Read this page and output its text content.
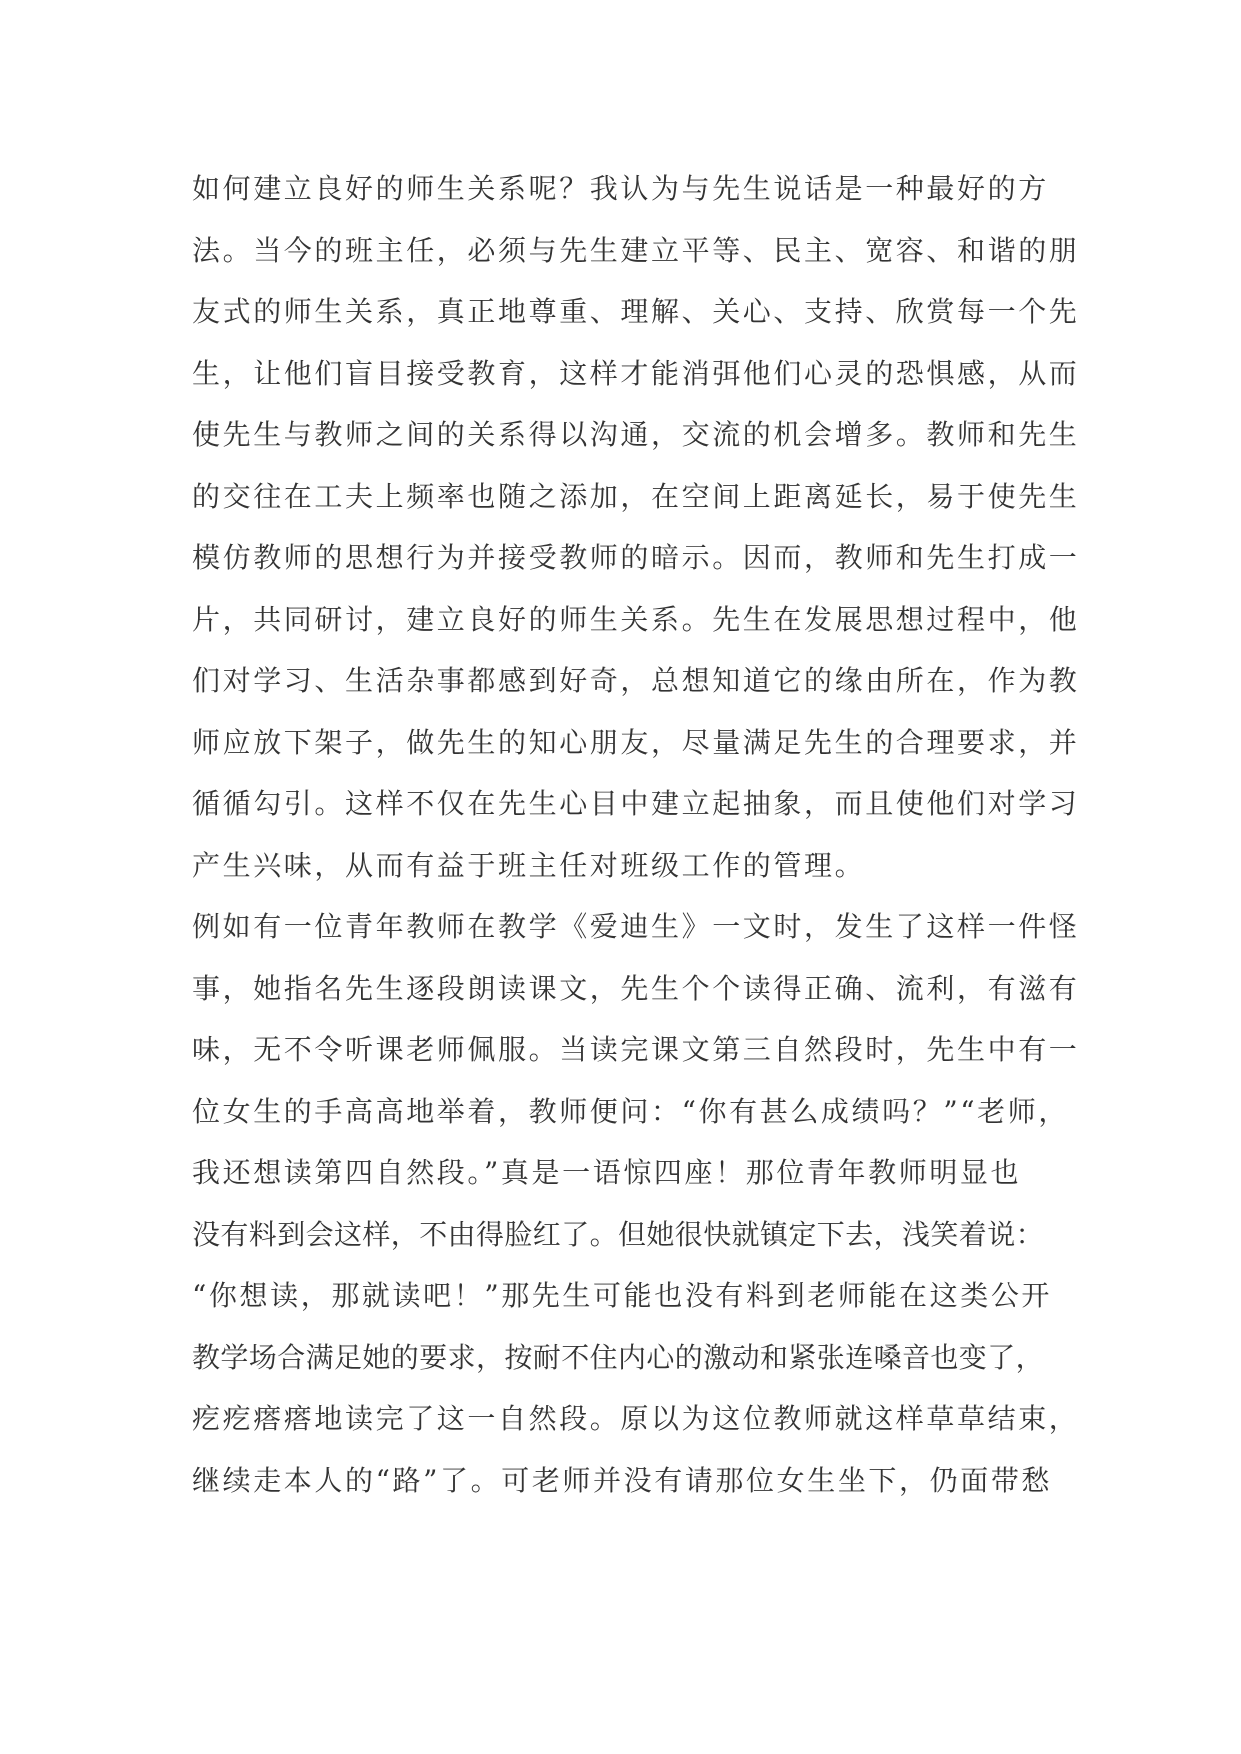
如何建立良好的师生关系呢？我认为与先生说话是一种最好的方
法。当今的班主任，必须与先生建立平等、民主、宽容、和谐的朋
友式的师生关系，真正地尊重、理解、关心、支持、欣赏每一个先
生，让他们盲目接受教育，这样才能消弭他们心灵的恐惧感，从而
使先生与教师之间的关系得以沟通，交流的机会增多。教师和先生
的交往在工夫上频率也随之添加，在空间上距离延长，易于使先生
模仿教师的思想行为并接受教师的暗示。因而，教师和先生打成一
片，共同研讨，建立良好的师生关系。先生在发展思想过程中，他
们对学习、生活杂事都感到好奇，总想知道它的缘由所在，作为教
师应放下架子，做先生的知心朋友，尽量满足先生的合理要求，并
循循勾引。这样不仅在先生心目中建立起抽象，而且使他们对学习
产生兴味，从而有益于班主任对班级工作的管理。
例如有一位青年教师在教学《爱迪生》一文时，发生了这样一件怪
事，她指名先生逐段朗读课文，先生个个读得正确、流利，有滋有
味，无不令听课老师佩服。当读完课文第三自然段时，先生中有一
位女生的手高高地举着，教师便问：“你有甚么成绩吗？”“老师，
我还想读第四自然段。”真是一语惊四座！那位青年教师明显也
没有料到会这样，不由得脸红了。但她很快就镇定下去，浅笑着说：
“你想读，那就读吧！”那先生可能也没有料到老师能在这类公开
教学场合满足她的要求，按耐不住内心的激动和紧张连嗓音也变了，
疙疙瘩瘩地读完了这一自然段。原以为这位教师就这样草草结束，
继续走本人的“路”了。可老师并没有请那位女生坐下，仍面带愁
